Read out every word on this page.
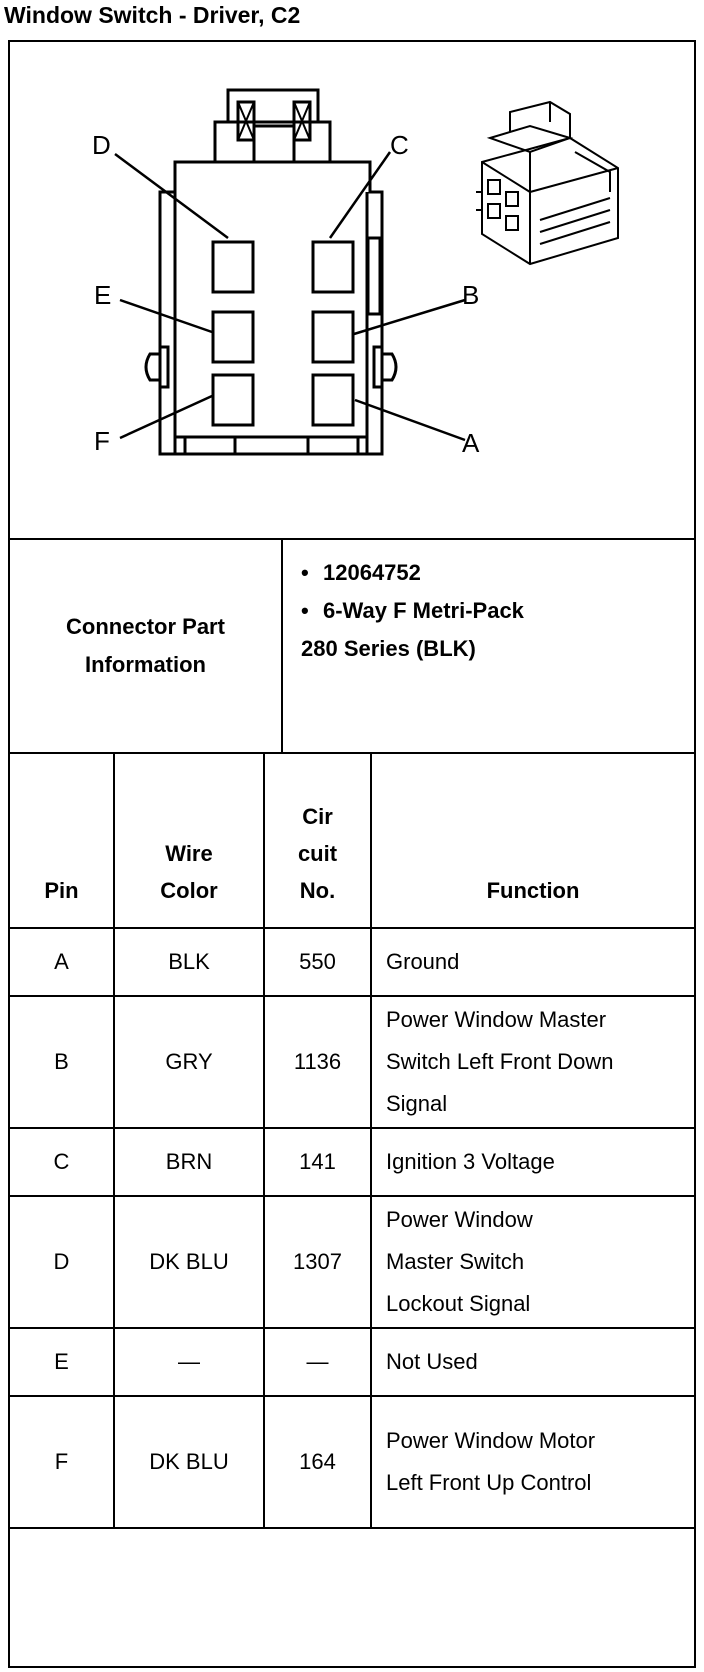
Window Switch - Driver, C2
D	C
E	B
F	A
Connector Part Information
• 12064752
• 6-Way F Metri-Pack
280 Series (BLK)
Pin	Wire Color	Cir cuit No.	Function
A	BLK	550	Ground
B	GRY	1136	Power Window Master Switch Left Front Down Signal

C	BRN	141	Ignition 3 Voltage
D	DK BLU	1307	Power Window Master Switch Lockout Signal

E	—	—	Not Used
F	DK BLU	164	Power Window Motor Left Front Up Control
